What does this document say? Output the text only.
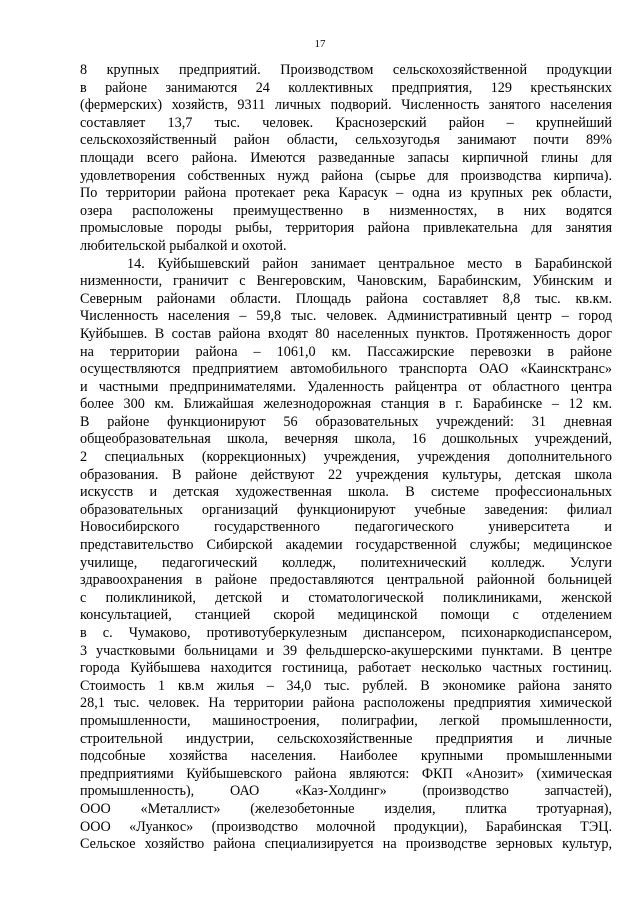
17
8 крупных предприятий. Производством сельскохозяйственной продукции
в районе занимаются 24 коллективных предприятия, 129 крестьянских
(фермерских) хозяйств, 9311 личных подворий. Численность занятого населения
составляет 13,7 тыс. человек. Краснозерский район – крупнейший
сельскохозяйственный район области, сельхозугодья занимают почти 89%
площади всего района. Имеются разведанные запасы кирпичной глины для
удовлетворения собственных нужд района (сырье для производства кирпича).
По территории района протекает река Карасук – одна из крупных рек области,
озера расположены преимущественно в низменностях, в них водятся
промысловые породы рыбы, территория района привлекательна для занятия
любительской рыбалкой и охотой.
14. Куйбышевский район занимает центральное место в Барабинской
низменности, граничит с Венгеровским, Чановским, Барабинским, Убинским и
Северным районами области. Площадь района составляет 8,8 тыс. кв.км.
Численность населения – 59,8 тыс. человек. Административный центр – город
Куйбышев. В состав района входят 80 населенных пунктов. Протяженность дорог
на территории района – 1061,0 км. Пассажирские перевозки в районе
осуществляются предприятием автомобильного транспорта ОАО «Каинсктранс»
и частными предпринимателями. Удаленность райцентра от областного центра
более 300 км. Ближайшая железнодорожная станция в г. Барабинске – 12 км.
В районе функционируют 56 образовательных учреждений: 31 дневная
общеобразовательная школа, вечерняя школа, 16 дошкольных учреждений,
2 специальных (коррекционных) учреждения, учреждения дополнительного
образования. В районе действуют 22 учреждения культуры, детская школа
искусств и детская художественная школа. В системе профессиональных
образовательных организаций функционируют учебные заведения: филиал
Новосибирского государственного педагогического университета и
представительство Сибирской академии государственной службы; медицинское
училище, педагогический колледж, политехнический колледж. Услуги
здравоохранения в районе предоставляются центральной районной больницей
с поликлиникой, детской и стоматологической поликлиниками, женской
консультацией, станцией скорой медицинской помощи с отделением
в с. Чумаково, противотуберкулезным диспансером, психонаркодиспансером,
3 участковыми больницами и 39 фельдшерско-акушерскими пунктами. В центре
города Куйбышева находится гостиница, работает несколько частных гостиниц.
Стоимость 1 кв.м жилья – 34,0 тыс. рублей. В экономике района занято
28,1 тыс. человек. На территории района расположены предприятия химической
промышленности, машиностроения, полиграфии, легкой промышленности,
строительной индустрии, сельскохозяйственные предприятия и личные
подсобные хозяйства населения. Наиболее крупными промышленными
предприятиями Куйбышевского района являются: ФКП «Анозит» (химическая
промышленность), ОАО «Каз-Холдинг» (производство запчастей),
ООО «Металлист» (железобетонные изделия, плитка тротуарная),
ООО «Луанкос» (производство молочной продукции), Барабинская ТЭЦ.
Сельское хозяйство района специализируется на производстве зерновых культур,
